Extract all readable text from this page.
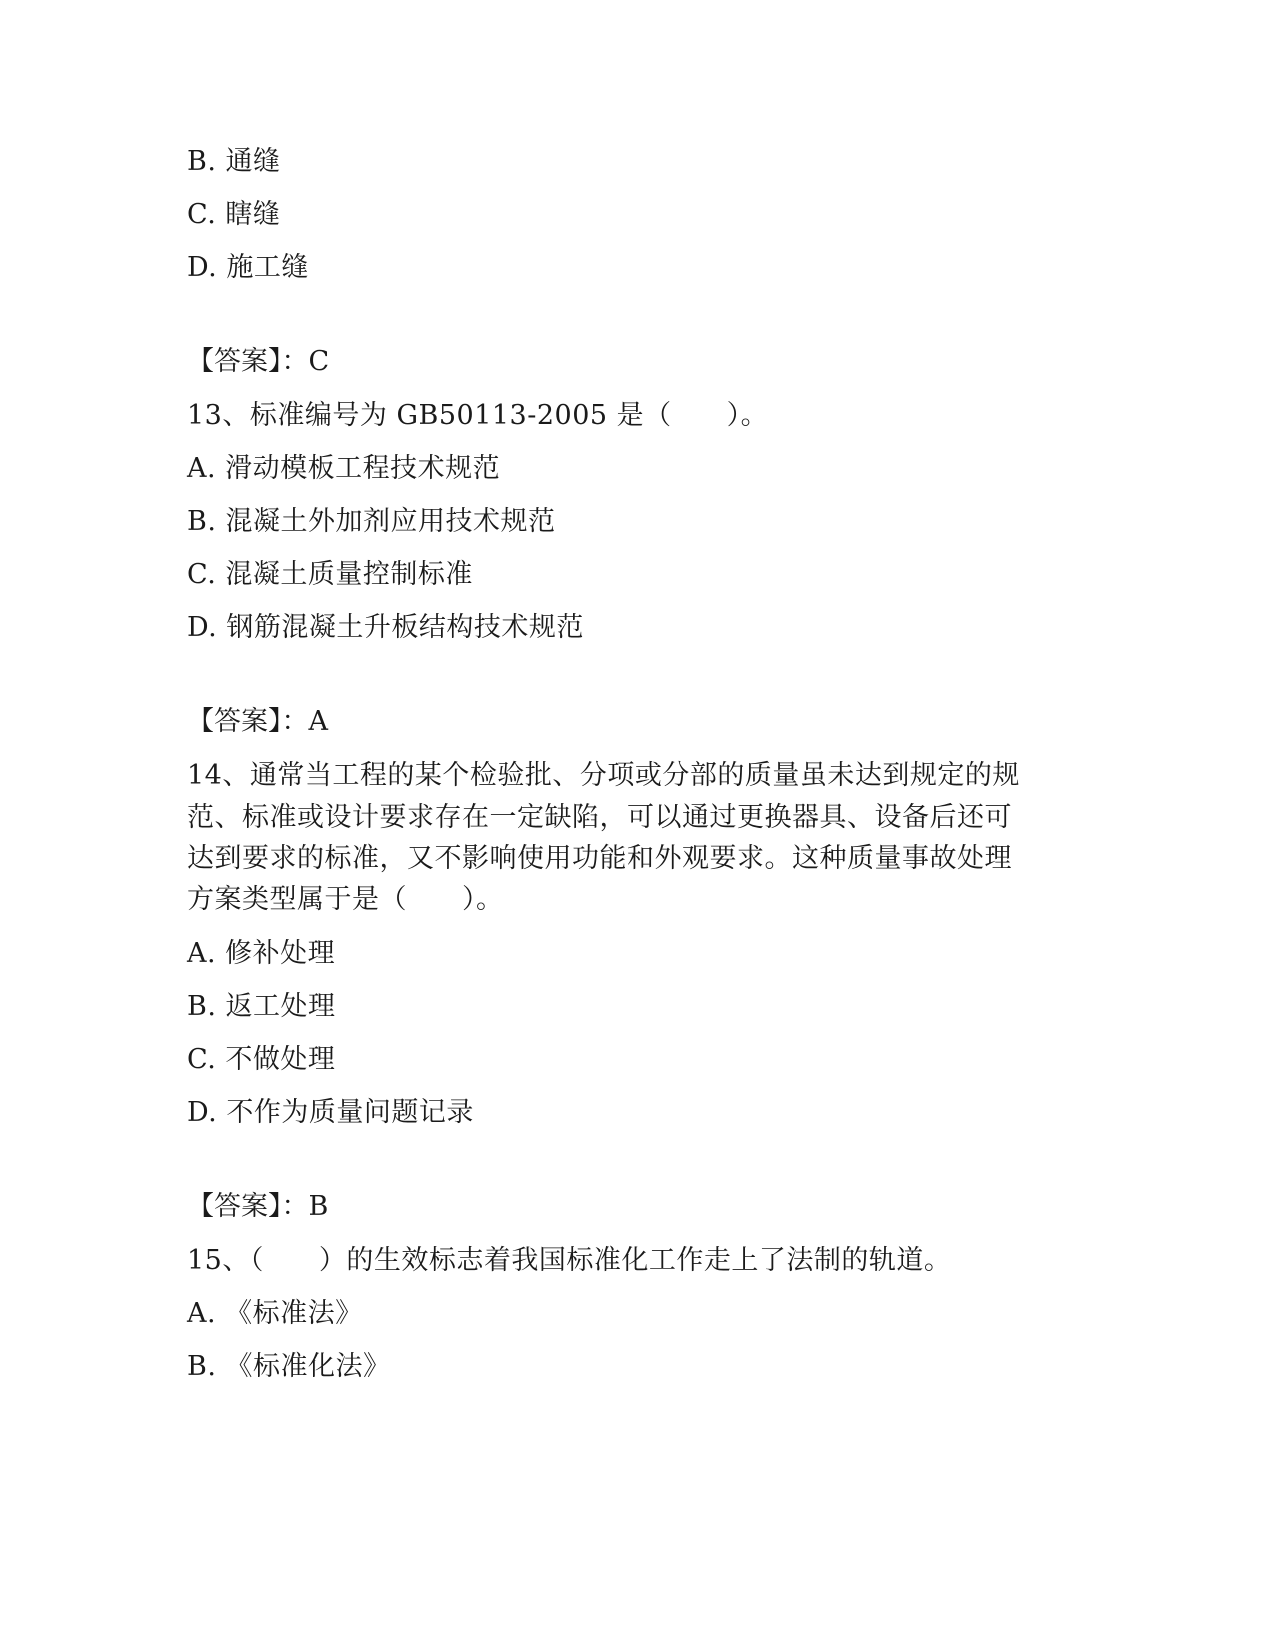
B. 通缝
C. 瞎缝
D. 施工缝
【答案】：C
13、标准编号为 GB50113-2005 是（　　）。
A. 滑动模板工程技术规范
B. 混凝土外加剂应用技术规范
C. 混凝土质量控制标准
D. 钢筋混凝土升板结构技术规范
【答案】：A
14、通常当工程的某个检验批、分项或分部的质量虽未达到规定的规
范、标准或设计要求存在一定缺陷，可以通过更换器具、设备后还可
达到要求的标准，又不影响使用功能和外观要求。这种质量事故处理
方案类型属于是（　　）。
A. 修补处理
B. 返工处理
C. 不做处理
D. 不作为质量问题记录
【答案】：B
15、（　　）的生效标志着我国标准化工作走上了法制的轨道。
A. 《标准法》
B. 《标准化法》
